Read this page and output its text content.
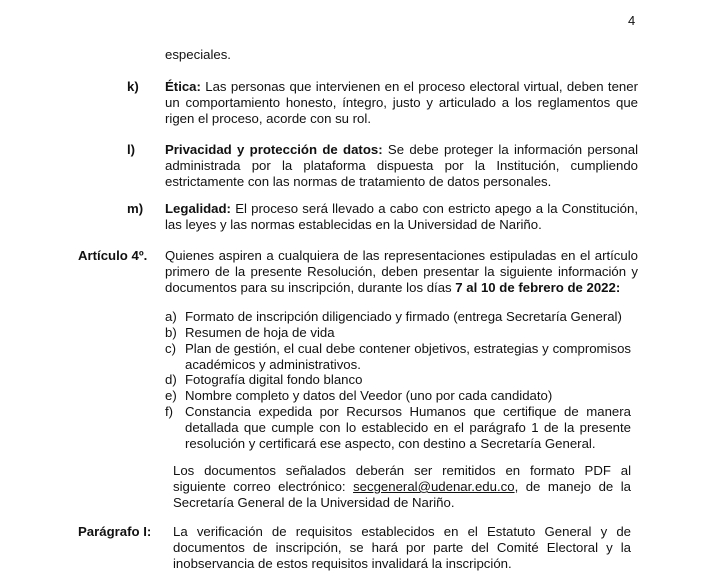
4
especiales.
k) Ética: Las personas que intervienen en el proceso electoral virtual, deben tener un comportamiento honesto, íntegro, justo y articulado a los reglamentos que rigen el proceso, acorde con su rol.
l) Privacidad y protección de datos: Se debe proteger la información personal administrada por la plataforma dispuesta por la Institución, cumpliendo estrictamente con las normas de tratamiento de datos personales.
m) Legalidad: El proceso será llevado a cabo con estricto apego a la Constitución, las leyes y las normas establecidas en la Universidad de Nariño.
Artículo 4º. Quienes aspiren a cualquiera de las representaciones estipuladas en el artículo primero de la presente Resolución, deben presentar la siguiente información y documentos para su inscripción, durante los días 7 al 10 de febrero de 2022:
a) Formato de inscripción diligenciado y firmado (entrega Secretaría General)
b) Resumen de hoja de vida
c) Plan de gestión, el cual debe contener objetivos, estrategias y compromisos académicos y administrativos.
d) Fotografía digital fondo blanco
e) Nombre completo y datos del Veedor (uno por cada candidato)
f) Constancia expedida por Recursos Humanos que certifique de manera detallada que cumple con lo establecido en el parágrafo 1 de la presente resolución y certificará ese aspecto, con destino a Secretaría General.
Los documentos señalados deberán ser remitidos en formato PDF al siguiente correo electrónico: secgeneral@udenar.edu.co, de manejo de la Secretaría General de la Universidad de Nariño.
Parágrafo I: La verificación de requisitos establecidos en el Estatuto General y de documentos de inscripción, se hará por parte del Comité Electoral y la inobservancia de estos requisitos invalidará la inscripción.
